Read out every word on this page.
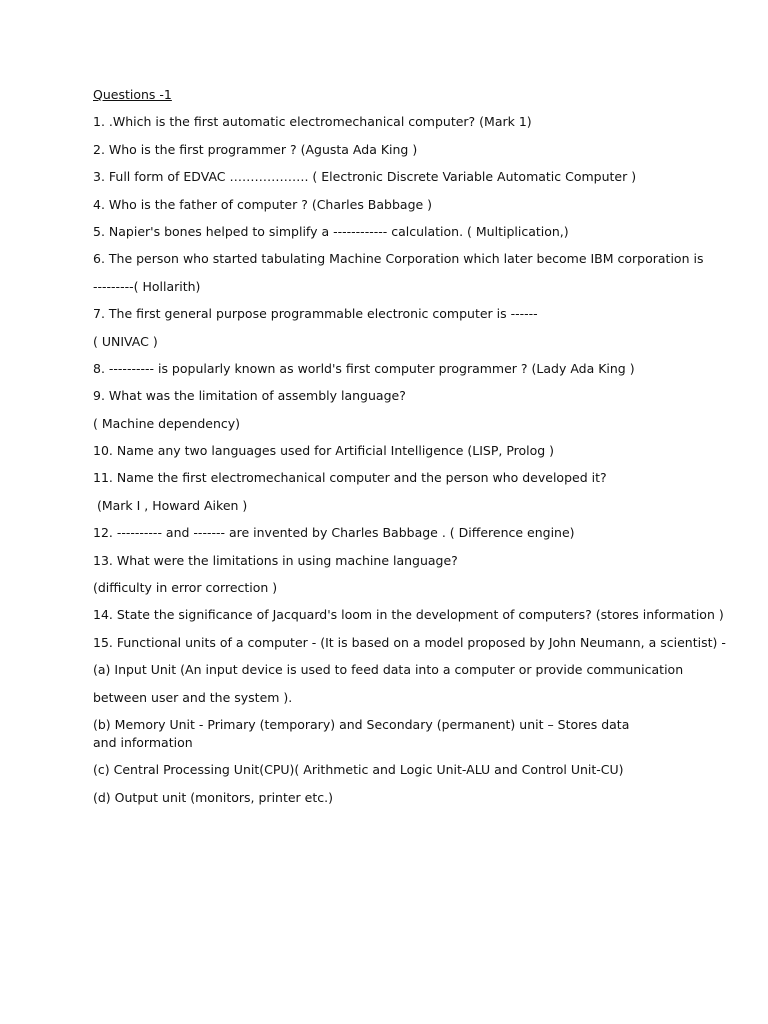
Questions -1
1. .Which is the first automatic electromechanical computer? (Mark 1)
2. Who is the first programmer ? (Agusta Ada King )
3. Full form of EDVAC ………………. ( Electronic Discrete Variable Automatic Computer )
4. Who is the father of computer ? (Charles Babbage )
5. Napier's bones helped to simplify a ------------ calculation. ( Multiplication,)
6. The person who started tabulating Machine Corporation which later become IBM corporation is
---------( Hollarith)
7. The first general purpose programmable electronic computer is ------
( UNIVAC )
8. ---------- is popularly known as world's first computer programmer ? (Lady Ada King )
9. What was the limitation of assembly language?
( Machine dependency)
10. Name any two languages used for Artificial Intelligence (LISP, Prolog )
11. Name the first electromechanical computer and the person who developed it?
(Mark I , Howard Aiken )
12. ---------- and ------- are invented by Charles Babbage . ( Difference engine)
13. What were the limitations in using machine language?
(difficulty in error correction )
14. State the significance of Jacquard's loom in the development of computers? (stores information )
15. Functional units of a computer - (It is based on a model proposed by John Neumann, a scientist) -
(a) Input Unit (An input device is used to feed data into a computer or provide communication
between user and the system ).
(b) Memory Unit - Primary (temporary) and Secondary (permanent) unit – Stores data and information
(c) Central Processing Unit(CPU)( Arithmetic and Logic Unit-ALU and Control Unit-CU)
(d) Output unit (monitors, printer etc.)
